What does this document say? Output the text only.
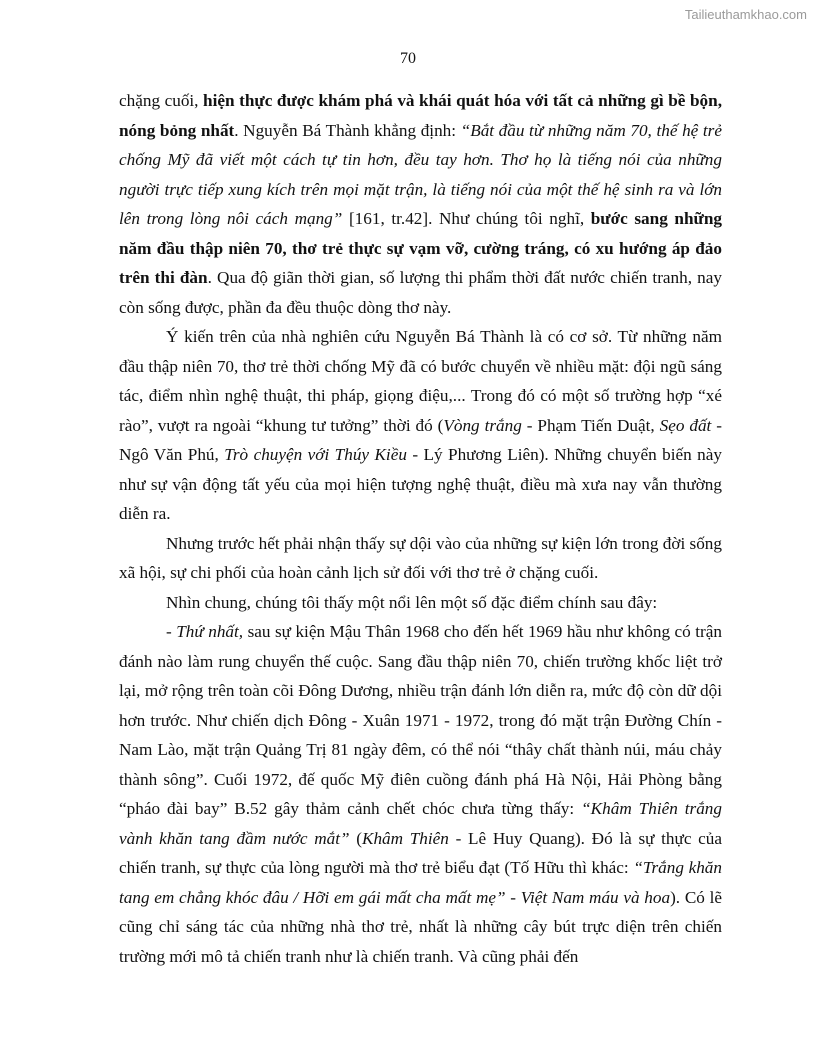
Tailieuthamkhao.com
70

chặng cuối, hiện thực được khám phá và khái quát hóa với tất cả những gì bề bộn, nóng bỏng nhất. Nguyễn Bá Thành khẳng định: “Bắt đầu từ những năm 70, thế hệ trẻ chống Mỹ đã viết một cách tự tin hơn, đều tay hơn. Thơ họ là tiếng nói của những người trực tiếp xung kích trên mọi mặt trận, là tiếng nói của một thế hệ sinh ra và lớn lên trong lòng nôi cách mạng” [161, tr.42]. Như chúng tôi nghĩ, bước sang những năm đầu thập niên 70, thơ trẻ thực sự vạm vỡ, cường tráng, có xu hướng áp đảo trên thi đàn. Qua độ giãn thời gian, số lượng thi phẩm thời đất nước chiến tranh, nay còn sống được, phần đa đều thuộc dòng thơ này.

Ý kiến trên của nhà nghiên cứu Nguyễn Bá Thành là có cơ sở. Từ những năm đầu thập niên 70, thơ trẻ thời chống Mỹ đã có bước chuyển về nhiều mặt: đội ngũ sáng tác, điểm nhìn nghệ thuật, thi pháp, giọng điệu,... Trong đó có một số trường hợp “xé rào”, vượt ra ngoài “khung tư tưởng” thời đó (Vòng trắng - Phạm Tiến Duật, Sẹo đất - Ngô Văn Phú, Trò chuyện với Thúy Kiều - Lý Phương Liên). Những chuyển biến này như sự vận động tất yếu của mọi hiện tượng nghệ thuật, điều mà xưa nay vẫn thường diễn ra.

Nhưng trước hết phải nhận thấy sự dội vào của những sự kiện lớn trong đời sống xã hội, sự chi phối của hoàn cảnh lịch sử đối với thơ trẻ ở chặng cuối.

Nhìn chung, chúng tôi thấy một nổi lên một số đặc điểm chính sau đây:

- Thứ nhất, sau sự kiện Mậu Thân 1968 cho đến hết 1969 hầu như không có trận đánh nào làm rung chuyển thế cuộc. Sang đầu thập niên 70, chiến trường khốc liệt trở lại, mở rộng trên toàn cõi Đông Dương, nhiều trận đánh lớn diễn ra, mức độ còn dữ dội hơn trước. Như chiến dịch Đông - Xuân 1971 - 1972, trong đó mặt trận Đường Chín - Nam Lào, mặt trận Quảng Trị 81 ngày đêm, có thể nói “thây chất thành núi, máu chảy thành sông”. Cuối 1972, đế quốc Mỹ điên cuồng đánh phá Hà Nội, Hải Phòng bằng “pháo đài bay” B.52 gây thảm cảnh chết chóc chưa từng thấy: “Khâm Thiên trắng vành khăn tang đầm nước mắt” (Khâm Thiên - Lê Huy Quang). Đó là sự thực của chiến tranh, sự thực của lòng người mà thơ trẻ biểu đạt (Tố Hữu thì khác: “Trắng khăn tang em chẳng khóc đâu / Hỡi em gái mất cha mất mẹ” - Việt Nam máu và hoa). Có lẽ cũng chỉ sáng tác của những nhà thơ trẻ, nhất là những cây bút trực diện trên chiến trường mới mô tả chiến tranh như là chiến tranh. Và cũng phải đến
